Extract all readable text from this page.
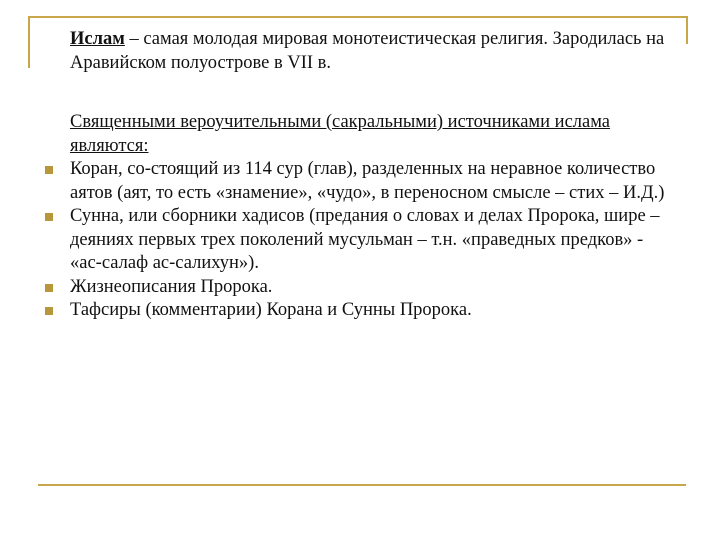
Ислам – самая молодая мировая монотеистическая религия. Зародилась на Аравийском полуострове в VII в.

Священными вероучительными (сакральными) источниками ислама являются:

Коран, со-стоящий из 114 сур (глав), разделенных на неравное количество аятов (аят, то есть «знамение», «чудо», в переносном смысле – стих – И.Д.)
Сунна, или сборники хадисов (предания о словах и делах Пророка, шире – деяниях первых трех поколений мусульман – т.н. «праведных предков» - «ас-салаф ас-салихун»).
Жизнеописания Пророка.
Тафсиры (комментарии) Корана и Сунны Пророка.
